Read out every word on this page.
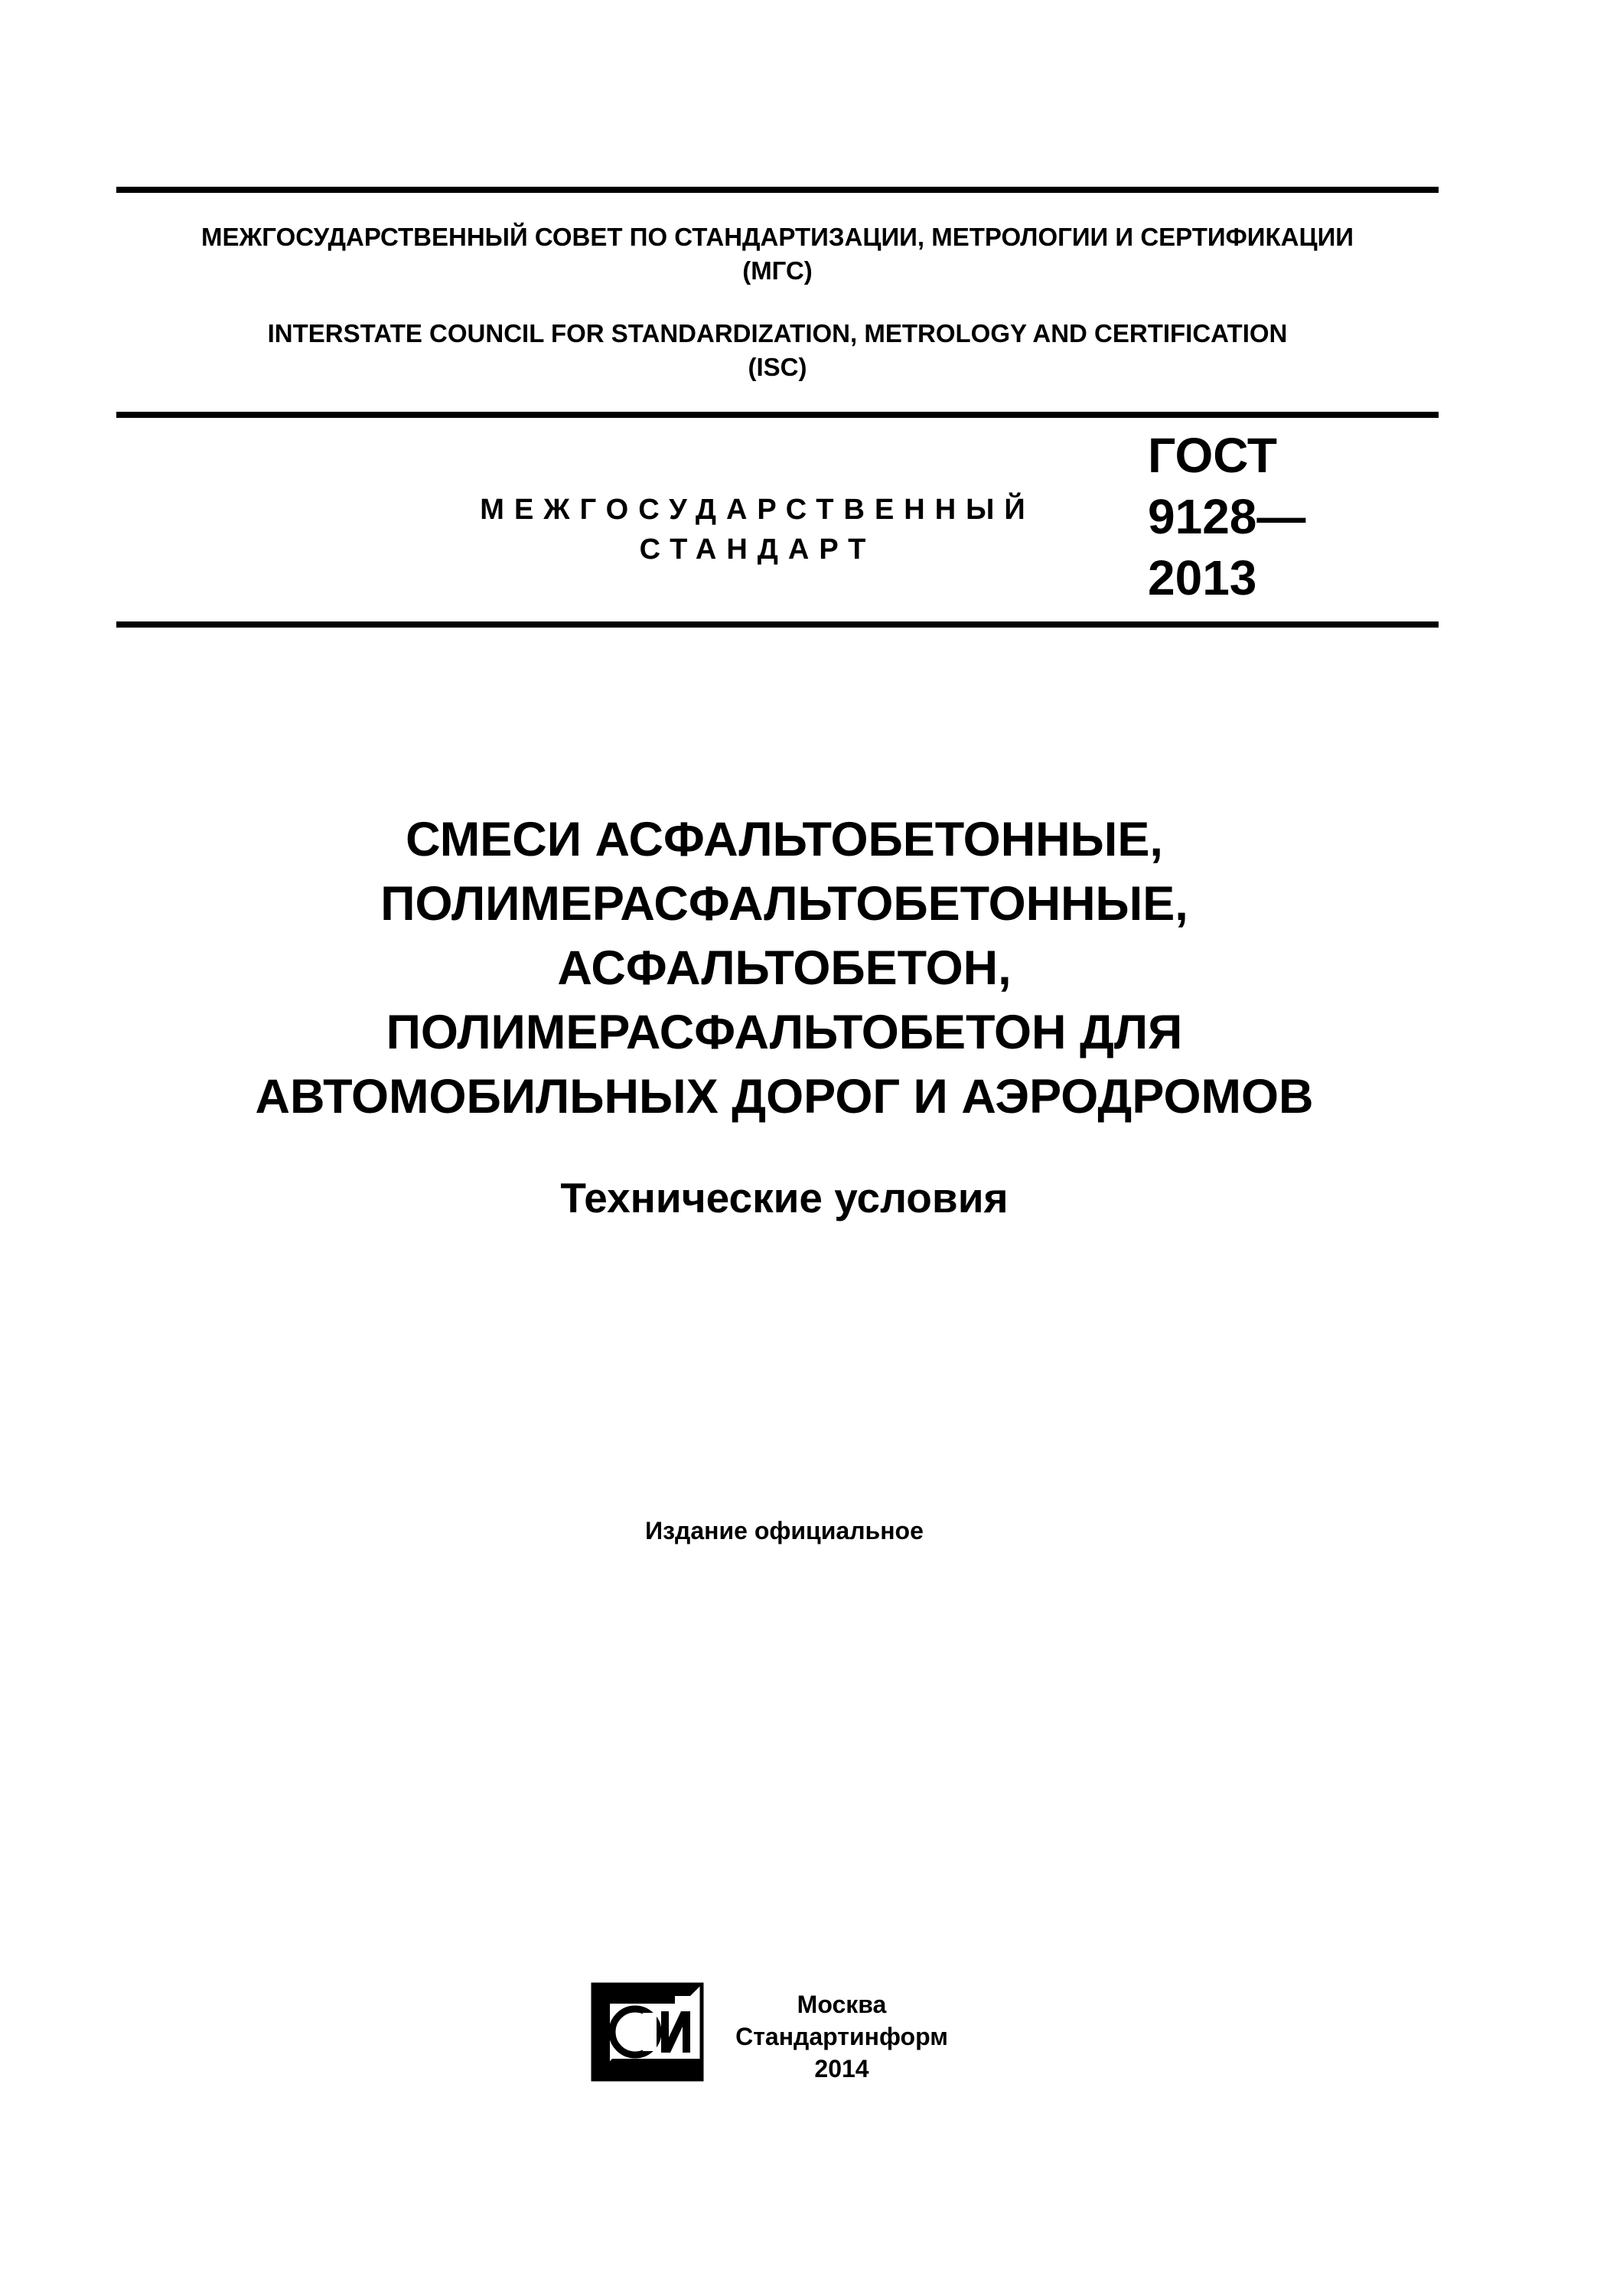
МЕЖГОСУДАРСТВЕННЫЙ СОВЕТ ПО СТАНДАРТИЗАЦИИ, МЕТРОЛОГИИ И СЕРТИФИКАЦИИ
(МГС)
INTERSTATE COUNCIL FOR STANDARDIZATION, METROLOGY AND CERTIFICATION
(ISC)
МЕЖГОСУДАРСТВЕННЫЙ
СТАНДАРТ
ГОСТ
9128—
2013
СМЕСИ АСФАЛЬТОБЕТОННЫЕ,
ПОЛИМЕРАСФАЛЬТОБЕТОННЫЕ,
АСФАЛЬТОБЕТОН,
ПОЛИМЕРАСФАЛЬТОБЕТОН ДЛЯ
АВТОМОБИЛЬНЫХ ДОРОГ И АЭРОДРОМОВ
Технические условия
Издание официальное
Москва
Стандартинформ
2014
